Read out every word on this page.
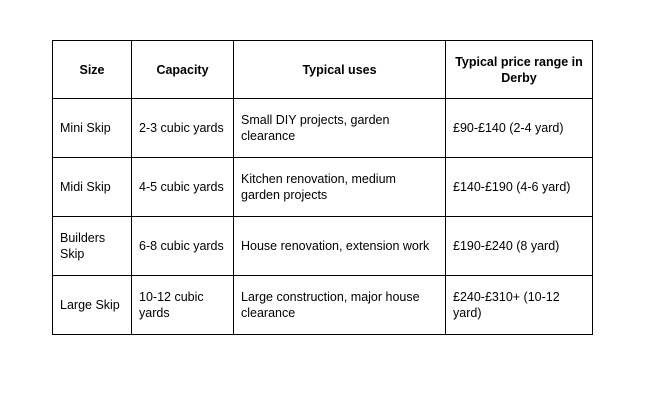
Size	Capacity	Typical uses	Typical price range in Derby
Mini Skip	2-3 cubic yards	Small DIY projects, garden clearance	£90-£140 (2-4 yard)
Midi Skip	4-5 cubic yards	Kitchen renovation, medium garden projects	£140-£190 (4-6 yard)
Builders Skip	6-8 cubic yards	House renovation, extension work	£190-£240 (8 yard)
Large Skip	10-12 cubic yards	Large construction, major house clearance	£240-£310+ (10-12 yard)
